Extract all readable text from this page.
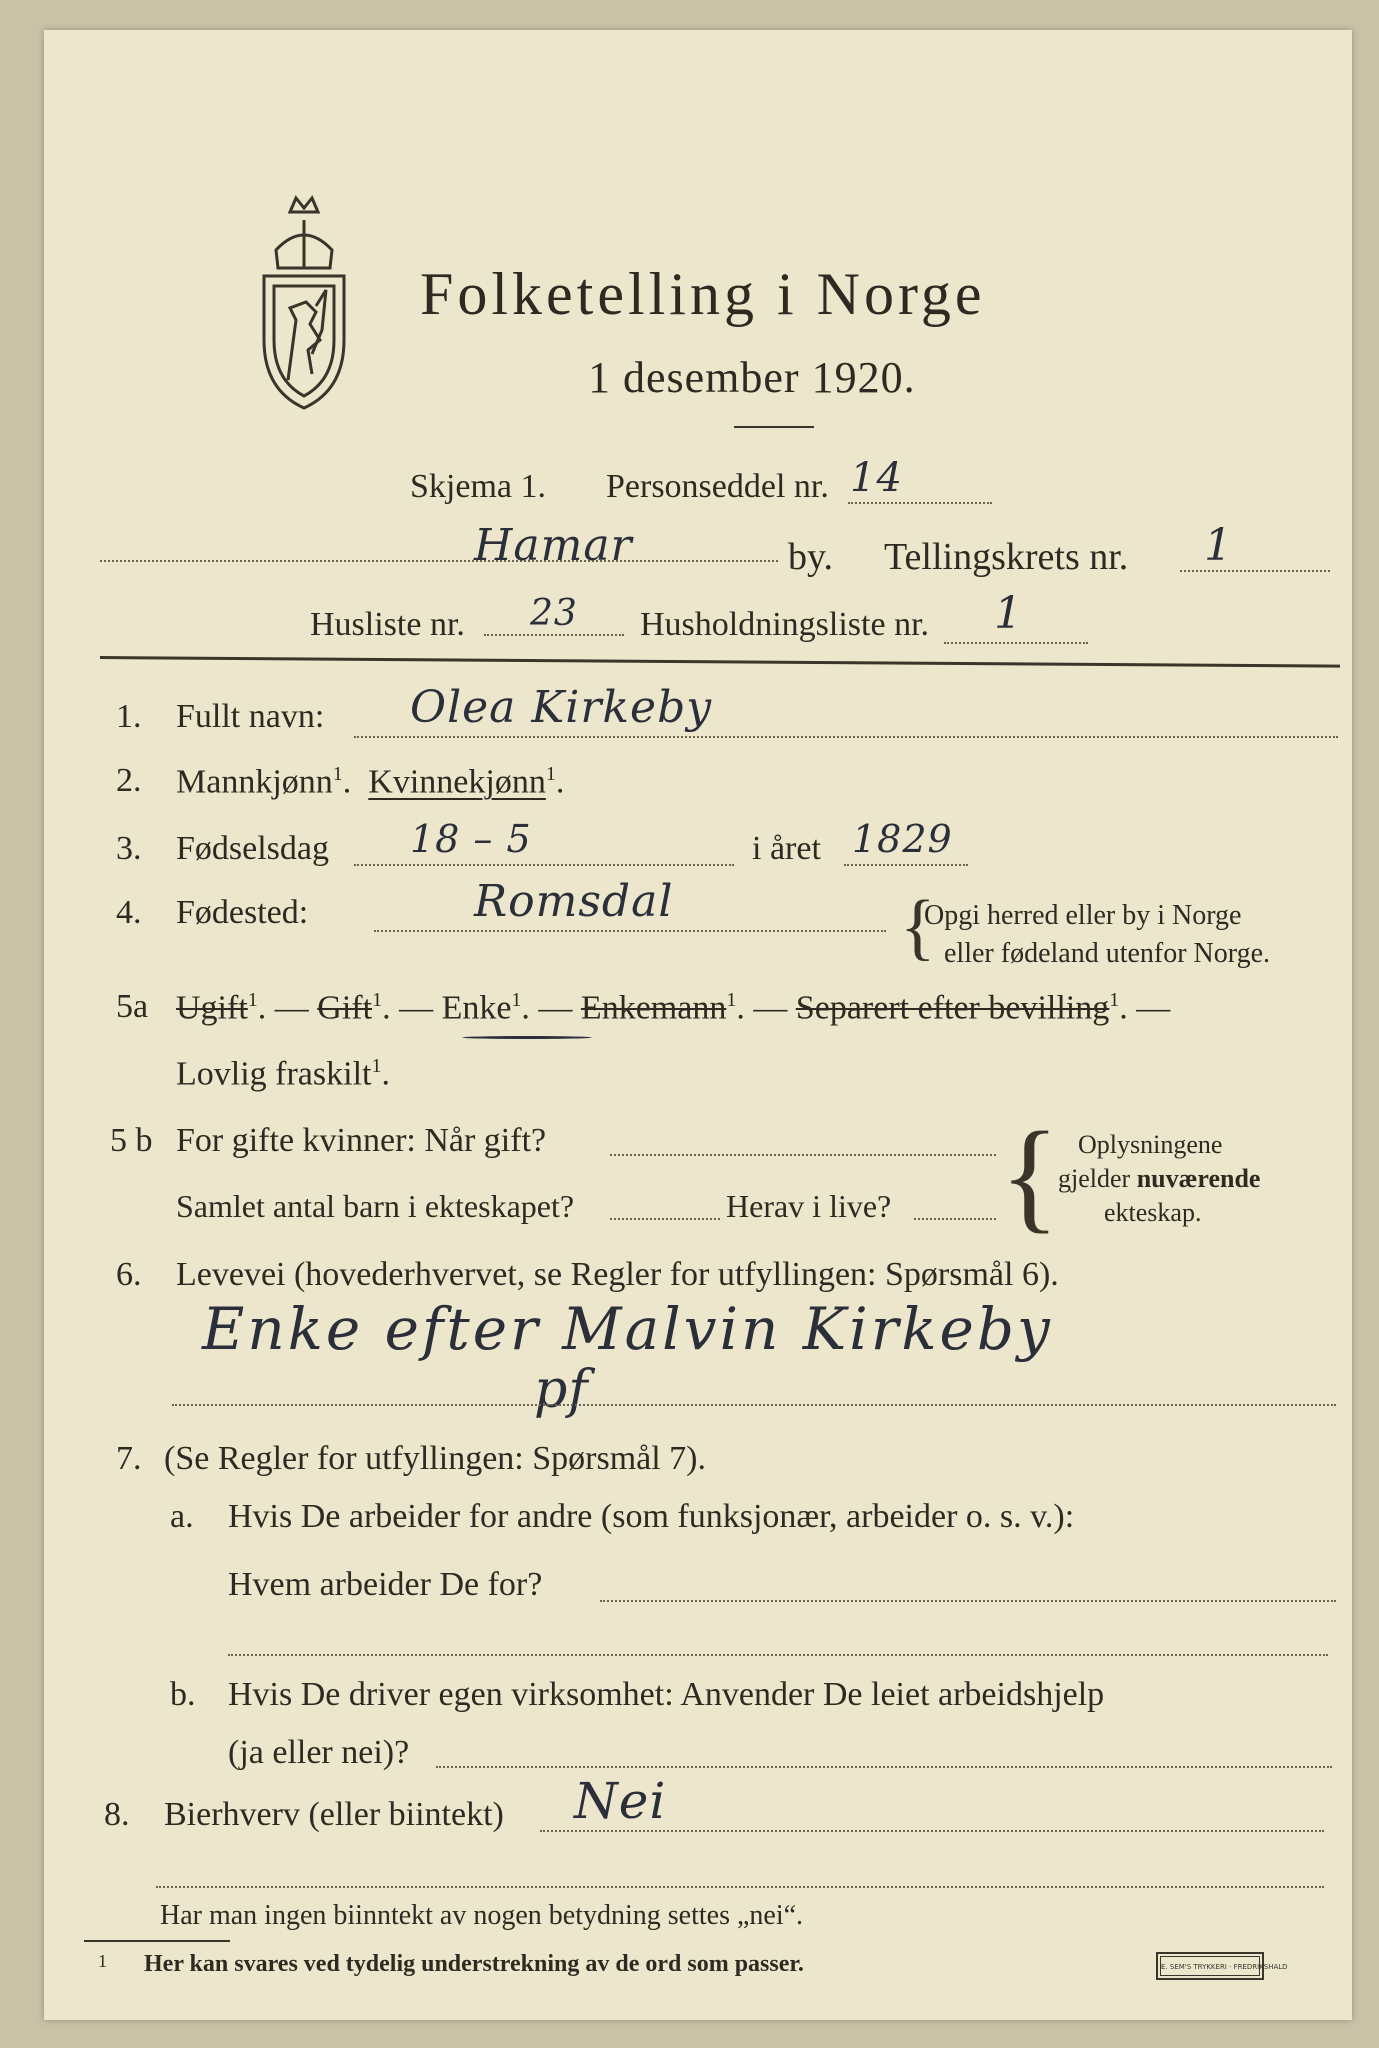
Folketelling i Norge
1 desember 1920.
Skjema 1. Personseddel nr. 14
Hamar	by. Tellingskrets nr. 1
Husliste nr. 23 Husholdningsliste nr. 1
1. Fullt navn: Olea Kirkeby
2. Mannkjønn$^1$.  Kvinnekjønn$^1$.
3. Fødselsdag 18 – 5	i året 1829
4. Fødested:	Romsdal	{
Opgi herred eller by i Norge
eller fødeland utenfor Norge.
5a Ugift$^1$. — Gift$^1$. — Enke$^1$. — Enkemann$^1$. — Separert efter bevilling$^1$. —
Lovlig fraskilt$^1$.
5 b For gifte kvinner: Når gift?
Samlet antal barn i ekteskapet?	Herav i live? { Oplysningene
gjelder nuværende
ekteskap.
6. Levevei (hovederhvervet, se Regler for utfyllingen: Spørsmål 6).
Enke efter Malvin Kirkeby
pf
7. (Se Regler for utfyllingen: Spørsmål 7).
a. Hvis De arbeider for andre (som funksjonær, arbeider o. s. v.):
Hvem arbeider De for?
b. Hvis De driver egen virksomhet: Anvender De leiet arbeidshjelp
(ja eller nei)?
8. Bierhverv (eller biintekt) Nei
Har man ingen biinntekt av nogen betydning settes „nei“.
1 Her kan svares ved tydelig understrekning av de ord som passer.	E. SEM'S TRYKKERI · FREDRIKSHALD
